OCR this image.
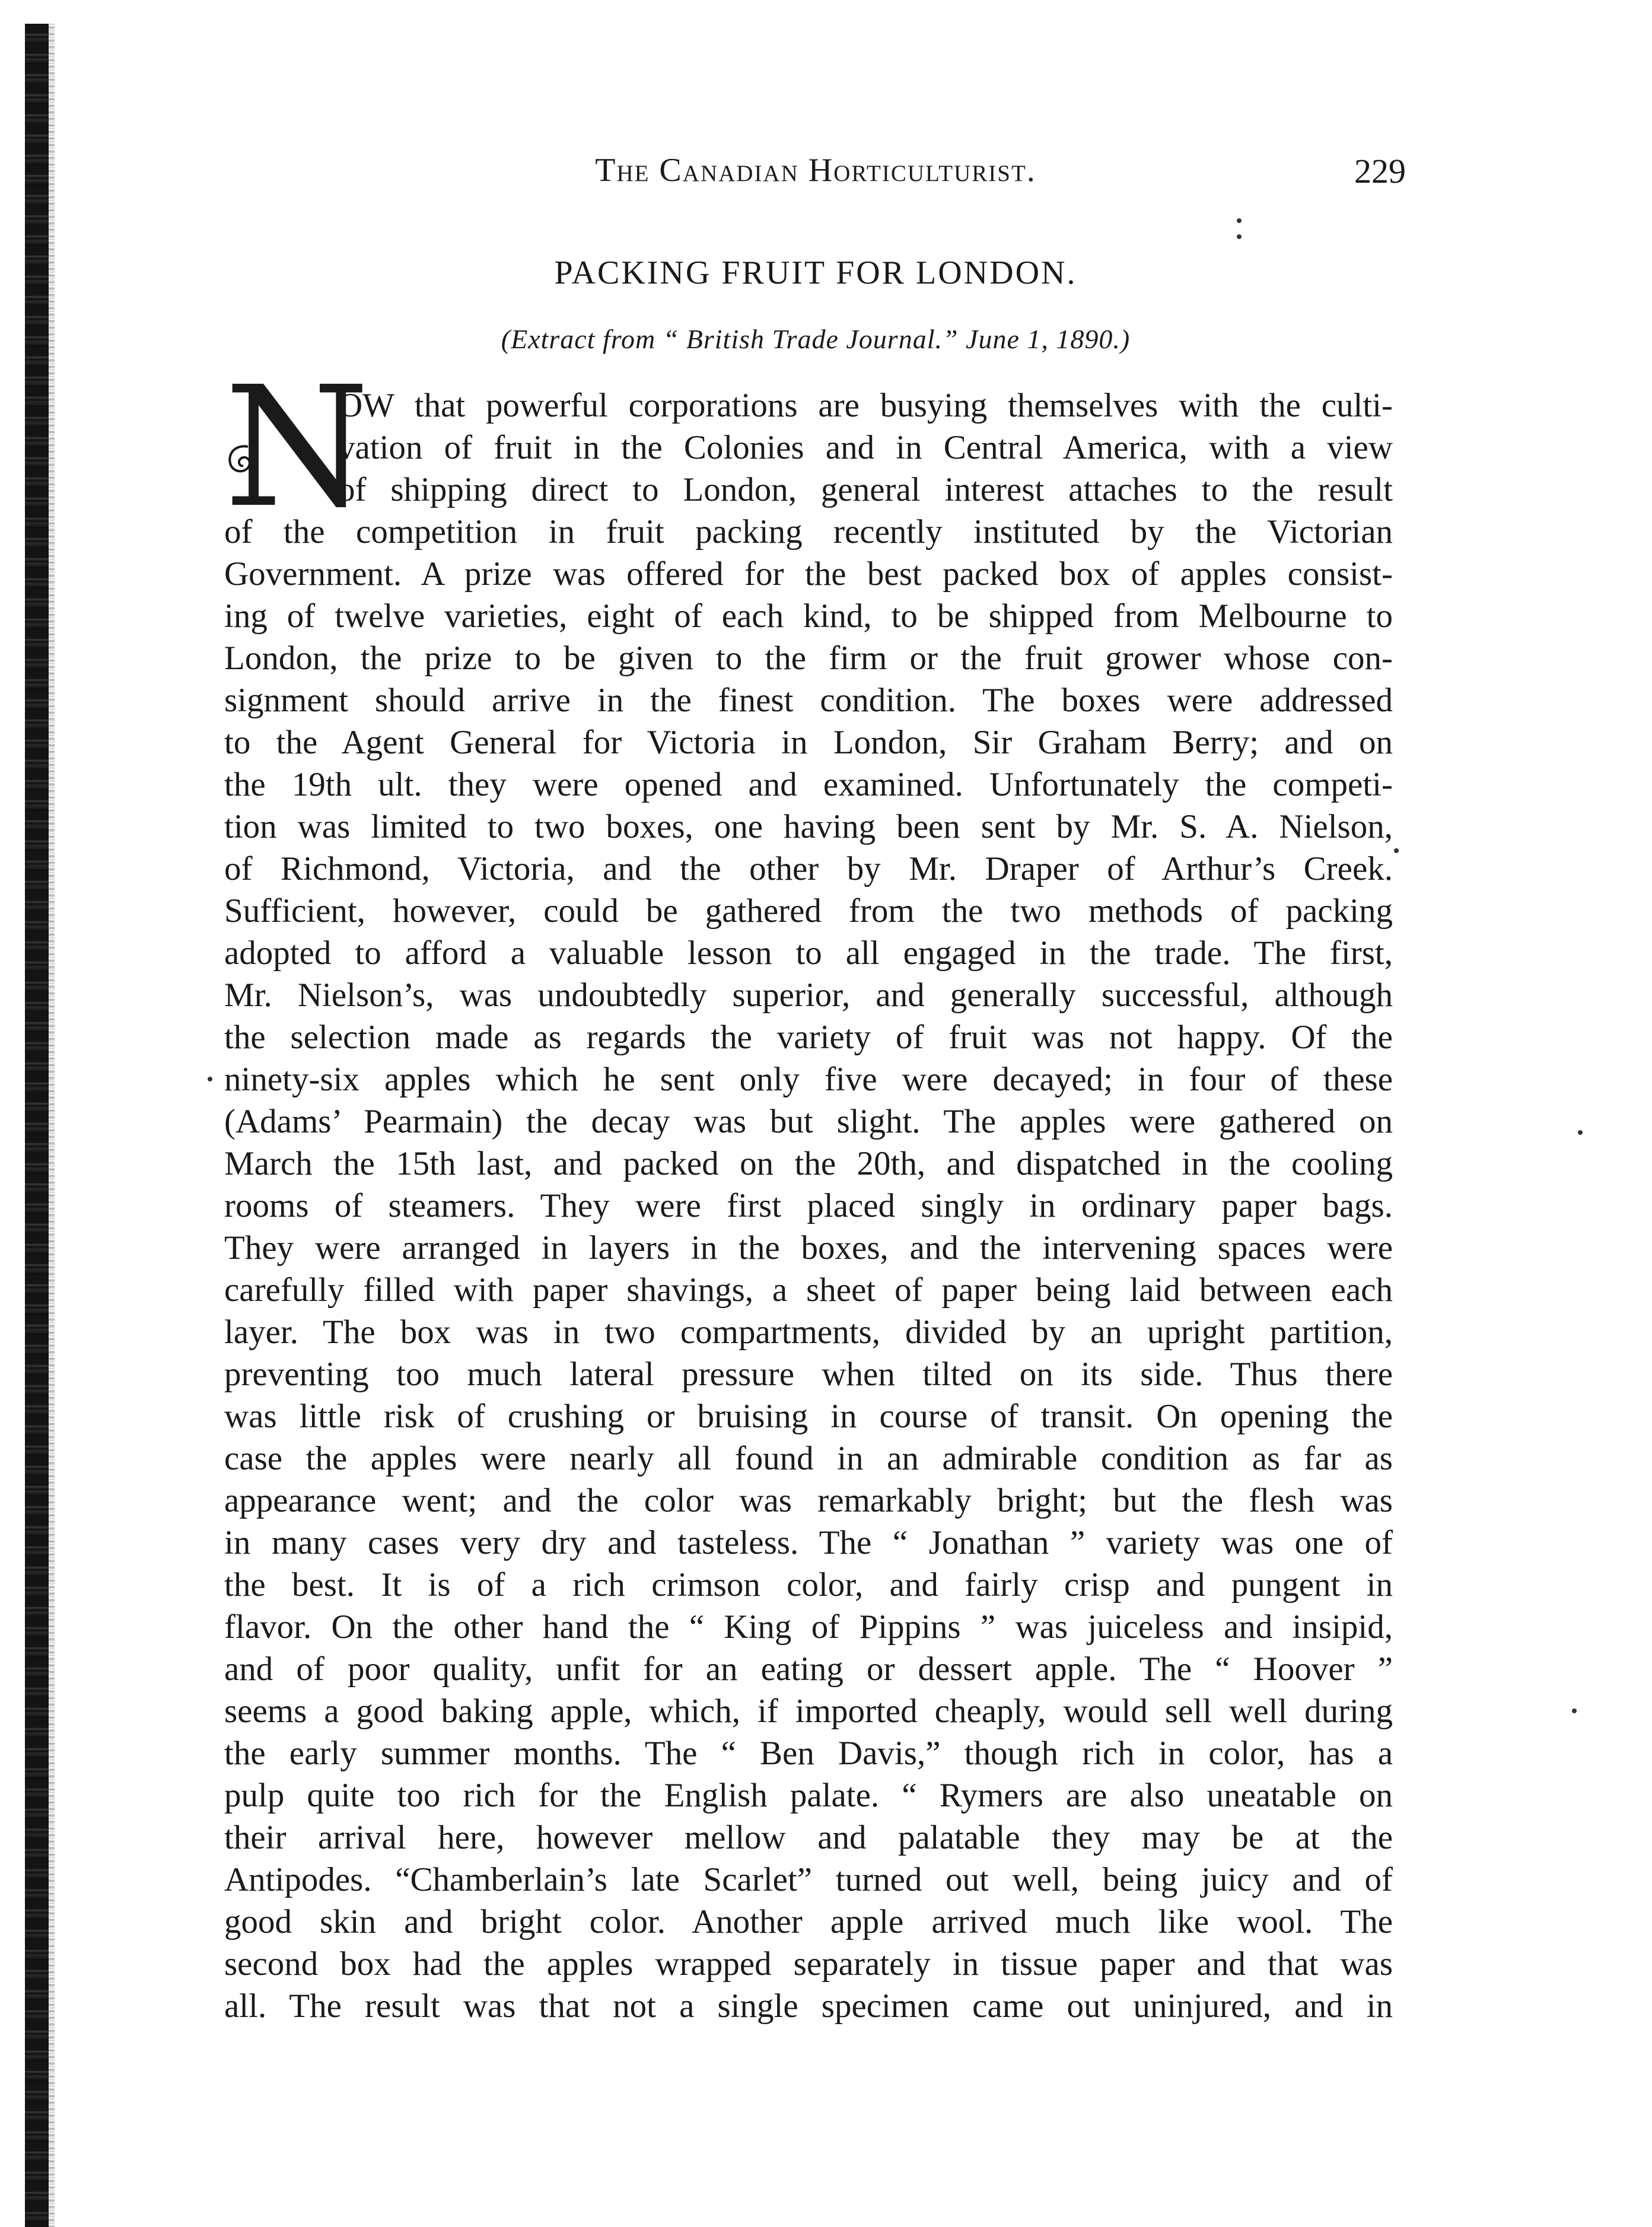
The Canadian Horticulturist.	229
PACKING FRUIT FOR LONDON.
(Extract from “ British Trade Journal.” June 1, 1890.)
N
OW that powerful corporations are busying themselves with the culti-
vation of fruit in the Colonies and in Central America, with a view
of shipping direct to London, general interest attaches to the result
of the competition in fruit packing recently instituted by the Victorian
Government. A prize was offered for the best packed box of apples consist-
ing of twelve varieties, eight of each kind, to be shipped from Melbourne to
London, the prize to be given to the firm or the fruit grower whose con-
signment should arrive in the finest condition. The boxes were addressed
to the Agent General for Victoria in London, Sir Graham Berry; and on
the 19th ult. they were opened and examined. Unfortunately the competi-
tion was limited to two boxes, one having been sent by Mr. S. A. Nielson,
of Richmond, Victoria, and the other by Mr. Draper of Arthur’s Creek.
Sufficient, however, could be gathered from the two methods of packing
adopted to afford a valuable lesson to all engaged in the trade. The first,
Mr. Nielson’s, was undoubtedly superior, and generally successful, although
the selection made as regards the variety of fruit was not happy. Of the
ninety-six apples which he sent only five were decayed; in four of these
(Adams’ Pearmain) the decay was but slight. The apples were gathered on
March the 15th last, and packed on the 20th, and dispatched in the cooling
rooms of steamers. They were first placed singly in ordinary paper bags.
They were arranged in layers in the boxes, and the intervening spaces were
carefully filled with paper shavings, a sheet of paper being laid between each
layer. The box was in two compartments, divided by an upright partition,
preventing too much lateral pressure when tilted on its side. Thus there
was little risk of crushing or bruising in course of transit. On opening the
case the apples were nearly all found in an admirable condition as far as
appearance went; and the color was remarkably bright; but the flesh was
in many cases very dry and tasteless. The “ Jonathan ” variety was one of
the best. It is of a rich crimson color, and fairly crisp and pungent in
flavor. On the other hand the “ King of Pippins ” was juiceless and insipid,
and of poor quality, unfit for an eating or dessert apple. The “ Hoover ”
seems a good baking apple, which, if imported cheaply, would sell well during
the early summer months. The “ Ben Davis,” though rich in color, has a
pulp quite too rich for the English palate. “ Rymers are also uneatable on
their arrival here, however mellow and palatable they may be at the
Antipodes. “Chamberlain’s late Scarlet” turned out well, being juicy and of
good skin and bright color. Another apple arrived much like wool. The
second box had the apples wrapped separately in tissue paper and that was
all. The result was that not a single specimen came out uninjured, and in
